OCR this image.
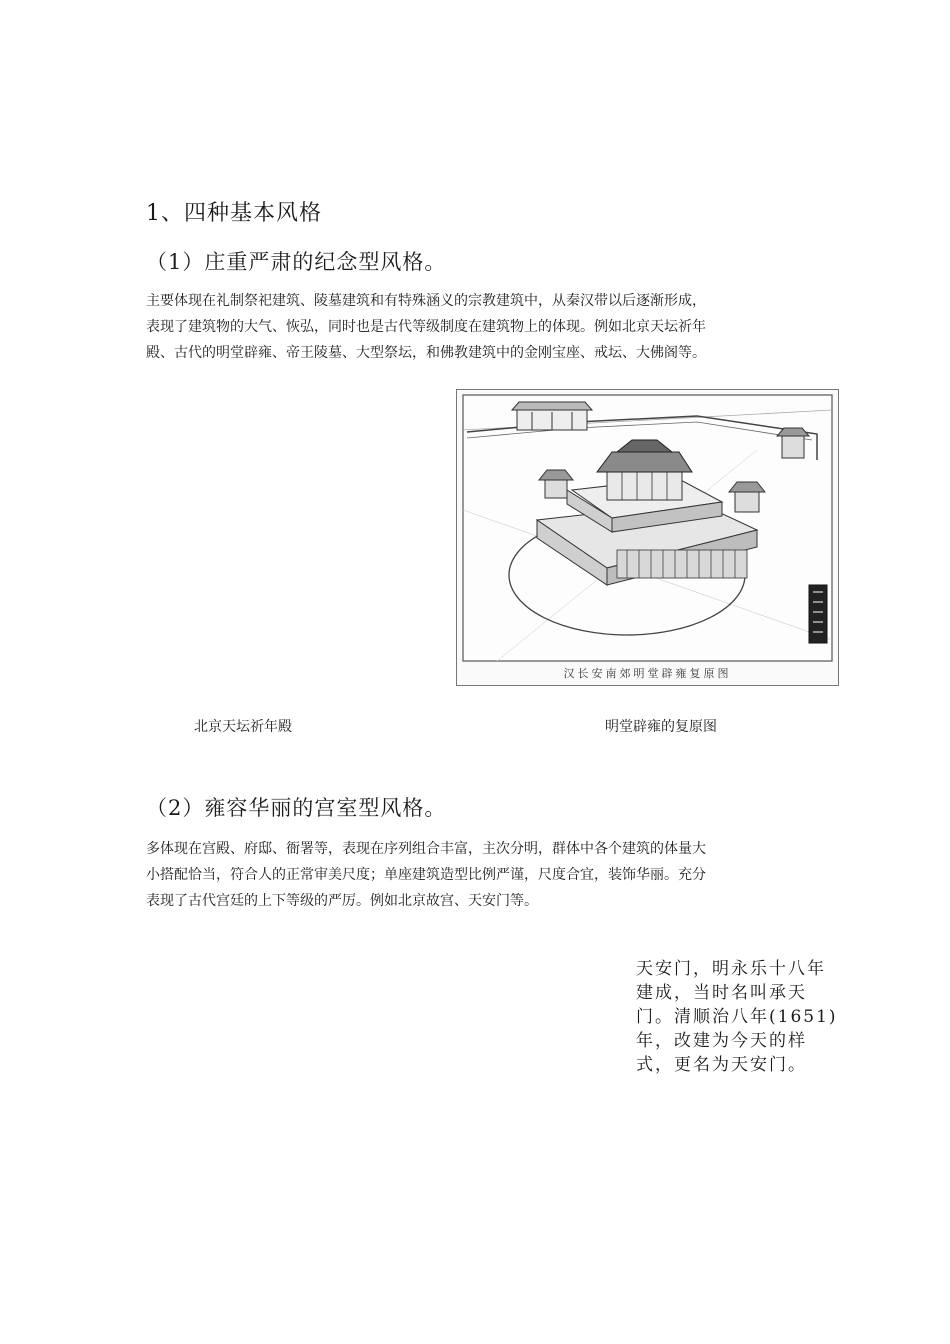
1、四种基本风格
（1）庄重严肃的纪念型风格。
主要体现在礼制祭祀建筑、陵墓建筑和有特殊涵义的宗教建筑中，从秦汉带以后逐渐形成，
表现了建筑物的大气、恢弘，同时也是古代等级制度在建筑物上的体现。例如北京天坛祈年
殿、古代的明堂辟雍、帝王陵墓、大型祭坛，和佛教建筑中的金刚宝座、戒坛、大佛阁等。
汉长安南郊明堂辟雍复原图
北京天坛祈年殿	明堂辟雍的复原图
（2）雍容华丽的宫室型风格。
多体现在宫殿、府邸、衙署等，表现在序列组合丰富，主次分明，群体中各个建筑的体量大
小搭配恰当，符合人的正常审美尺度；单座建筑造型比例严谨，尺度合宜，装饰华丽。充分
表现了古代宫廷的上下等级的严厉。例如北京故宫、天安门等。
天安门，明永乐十八年
建成，当时名叫承天
门。清顺治八年(1651)
年，改建为今天的样
式，更名为天安门。
